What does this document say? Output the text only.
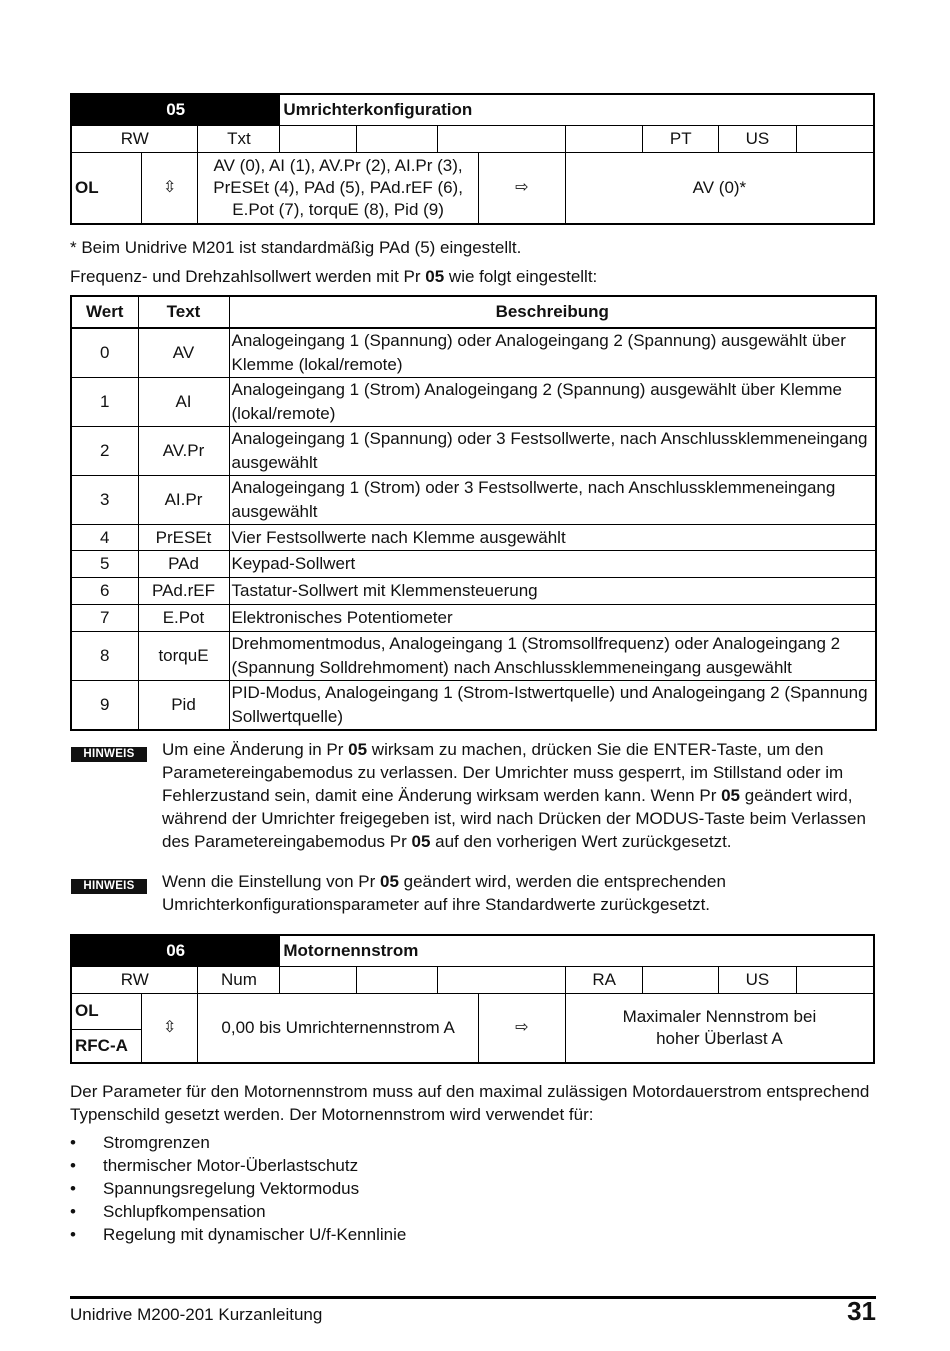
05			Umrichterkonfiguration							
RW		Txt						PT	US	
OL	⇳	AV (0), AI (1), AV.Pr (2), AI.Pr (3),
PrESEt (4), PAd (5), PAd.rEF (6),
E.Pot (7), torquE (8), Pid (9)				⇨	AV (0)*			
* Beim Unidrive M201 ist standardmäßig PAd (5) eingestellt.
Frequenz- und Drehzahlsollwert werden mit Pr 05 wie folgt eingestellt:
Wert	Text	Beschreibung
0	AV	Analogeingang 1 (Spannung) oder Analogeingang 2 (Spannung) ausgewählt über Klemme (lokal/remote)
1	AI	Analogeingang 1 (Strom) Analogeingang 2 (Spannung) ausgewählt über Klemme (lokal/remote)
2	AV.Pr	Analogeingang 1 (Spannung) oder 3 Festsollwerte, nach Anschlussklemmeneingang ausgewählt
3	AI.Pr	Analogeingang 1 (Strom) oder 3 Festsollwerte, nach Anschlussklemmeneingang ausgewählt
4	PrESEt	Vier Festsollwerte nach Klemme ausgewählt
5	PAd	Keypad-Sollwert
6	PAd.rEF	Tastatur-Sollwert mit Klemmensteuerung
7	E.Pot	Elektronisches Potentiometer
8	torquE	Drehmomentmodus, Analogeingang 1 (Stromsollfrequenz) oder Analogeingang 2 (Spannung Solldrehmoment) nach Anschlussklemmeneingang ausgewählt
9	Pid	PID-Modus, Analogeingang 1 (Strom-Istwertquelle) und Analogeingang 2 (Spannung Sollwertquelle)
HINWEIS	Um eine Änderung in Pr 05 wirksam zu machen, drücken Sie die ENTER-Taste, um den Parametereingabemodus zu verlassen. Der Umrichter muss gesperrt, im Stillstand oder im Fehlerzustand sein, damit eine Änderung wirksam werden kann. Wenn Pr 05 geändert wird, während der Umrichter freigegeben ist, wird nach Drücken der MODUS-Taste beim Verlassen des Parametereingabemodus Pr 05 auf den vorherigen Wert zurückgesetzt.
HINWEIS	Wenn die Einstellung von Pr 05 geändert wird, werden die entsprechenden Umrichterkonfigurationsparameter auf ihre Standardwerte zurückgesetzt.
06			Motornennstrom							
RW		Num					RA		US	
OL	⇳	0,00 bis Umrichternennstrom A				⇨	Maximaler Nennstrom bei
hoher Überlast A			

RFC-A										
Der Parameter für den Motornennstrom muss auf den maximal zulässigen Motordauerstrom entsprechend Typenschild gesetzt werden. Der Motornennstrom wird verwendet für:
• Stromgrenzen
• thermischer Motor-Überlastschutz
• Spannungsregelung Vektormodus
• Schlupfkompensation
• Regelung mit dynamischer U/f-Kennlinie
Unidrive M200-201 Kurzanleitung	31
